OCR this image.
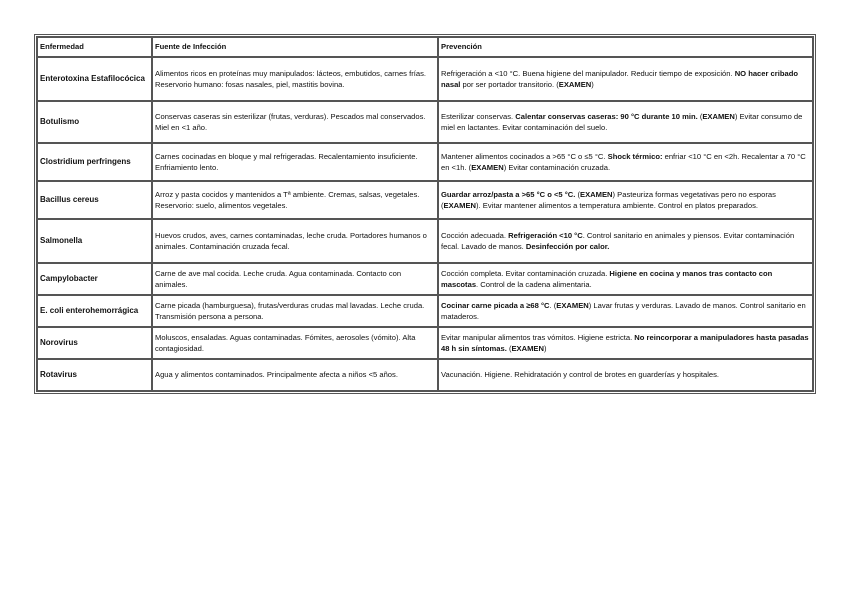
Enfermedad	Fuente de Infección	Prevención
Enterotoxina Estafilocócica	Alimentos ricos en proteínas muy manipulados: lácteos, embutidos, carnes frías. Reservorio humano: fosas nasales, piel, mastitis bovina.	Refrigeración a <10 °C. Buena higiene del manipulador. Reducir tiempo de exposición. NO hacer cribado nasal por ser portador transitorio. (EXAMEN)
Botulismo	Conservas caseras sin esterilizar (frutas, verduras). Pescados mal conservados. Miel en <1 año.	Esterilizar conservas. Calentar conservas caseras: 90 °C durante 10 min. (EXAMEN) Evitar consumo de miel en lactantes. Evitar contaminación del suelo.
Clostridium perfringens	Carnes cocinadas en bloque y mal refrigeradas. Recalentamiento insuficiente. Enfriamiento lento.	Mantener alimentos cocinados a >65 °C o ≤5 °C. Shock térmico: enfriar <10 °C en <2h. Recalentar a 70 °C en <1h. (EXAMEN) Evitar contaminación cruzada.
Bacillus cereus	Arroz y pasta cocidos y mantenidos a Tª ambiente. Cremas, salsas, vegetales. Reservorio: suelo, alimentos vegetales.	Guardar arroz/pasta a >65 °C o <5 °C. (EXAMEN) Pasteuriza formas vegetativas pero no esporas (EXAMEN). Evitar mantener alimentos a temperatura ambiente. Control en platos preparados.
Salmonella	Huevos crudos, aves, carnes contaminadas, leche cruda. Portadores humanos o animales. Contaminación cruzada fecal.	Cocción adecuada. Refrigeración <10 °C. Control sanitario en animales y piensos. Evitar contaminación fecal. Lavado de manos. Desinfección por calor.
Campylobacter	Carne de ave mal cocida. Leche cruda. Agua contaminada. Contacto con animales.	Cocción completa. Evitar contaminación cruzada. Higiene en cocina y manos tras contacto con mascotas. Control de la cadena alimentaria.
E. coli enterohemorrágica	Carne picada (hamburguesa), frutas/verduras crudas mal lavadas. Leche cruda. Transmisión persona a persona.	Cocinar carne picada a ≥68 °C. (EXAMEN) Lavar frutas y verduras. Lavado de manos. Control sanitario en mataderos.
Norovirus	Moluscos, ensaladas. Aguas contaminadas. Fómites, aerosoles (vómito). Alta contagiosidad.	Evitar manipular alimentos tras vómitos. Higiene estricta. No reincorporar a manipuladores hasta pasadas 48 h sin síntomas. (EXAMEN)
Rotavirus	Agua y alimentos contaminados. Principalmente afecta a niños <5 años.	Vacunación. Higiene. Rehidratación y control de brotes en guarderías y hospitales.
